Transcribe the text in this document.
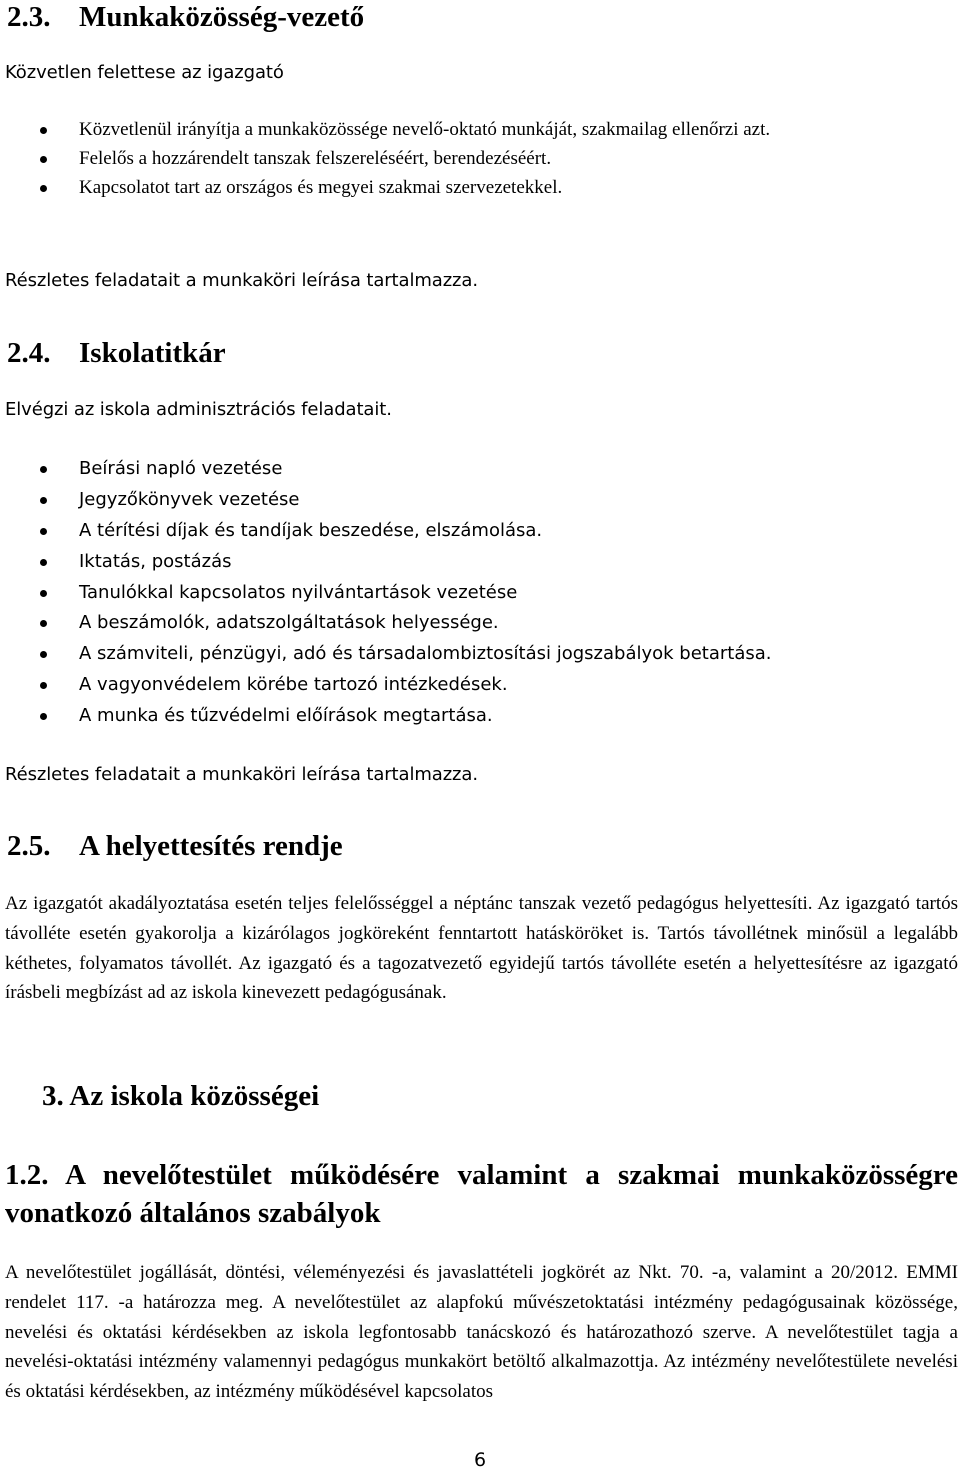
2.3. Munkaközösség-vezető

Közvetlen felettese az igazgató

Közvetlenül irányítja a munkaközössége nevelő-oktató munkáját, szakmailag ellenőrzi azt.
Felelős a hozzárendelt tanszak felszereléséért, berendezéséért.
Kapcsolatot tart az országos és megyei szakmai szervezetekkel.

Részletes feladatait a munkaköri leírása tartalmazza.

2.4. Iskolatitkár

Elvégzi az iskola adminisztrációs feladatait.

Beírási napló vezetése
Jegyzőkönyvek vezetése
A térítési díjak és tandíjak beszedése, elszámolása.
Iktatás, postázás
Tanulókkal kapcsolatos nyilvántartások vezetése
A beszámolók, adatszolgáltatások helyessége.
A számviteli, pénzügyi, adó és társadalombiztosítási jogszabályok betartása.
A vagyonvédelem körébe tartozó intézkedések.
A munka és tűzvédelmi előírások megtartása.

Részletes feladatait a munkaköri leírása tartalmazza.

2.5. A helyettesítés rendje

Az igazgatót akadályoztatása esetén teljes felelősséggel a néptánc tanszak vezető pedagógus helyettesíti. Az igazgató tartós távolléte esetén gyakorolja a kizárólagos jogköreként fenntartott hatásköröket is. Tartós távollétnek minősül a legalább kéthetes, folyamatos távollét. Az igazgató és a tagozatvezető egyidejű tartós távolléte esetén a helyettesítésre az igazgató írásbeli megbízást ad az iskola kinevezett pedagógusának.

3. Az iskola közösségei
1.2. A nevelőtestület működésére valamint a szakmai munkaközösségre vonatkozó általános szabályok

A nevelőtestület jogállását, döntési, véleményezési és javaslattételi jogkörét az Nkt. 70. -a, valamint a 20/2012. EMMI rendelet 117. -a határozza meg. A nevelőtestület az alapfokú művészetoktatási intézmény pedagógusainak közössége, nevelési és oktatási kérdésekben az iskola legfontosabb tanácskozó és határozathozó szerve. A nevelőtestület tagja a nevelési-oktatási intézmény valamennyi pedagógus munkakört betöltő alkalmazottja. Az intézmény nevelőtestülete nevelési és oktatási kérdésekben, az intézmény működésével kapcsolatos

6
